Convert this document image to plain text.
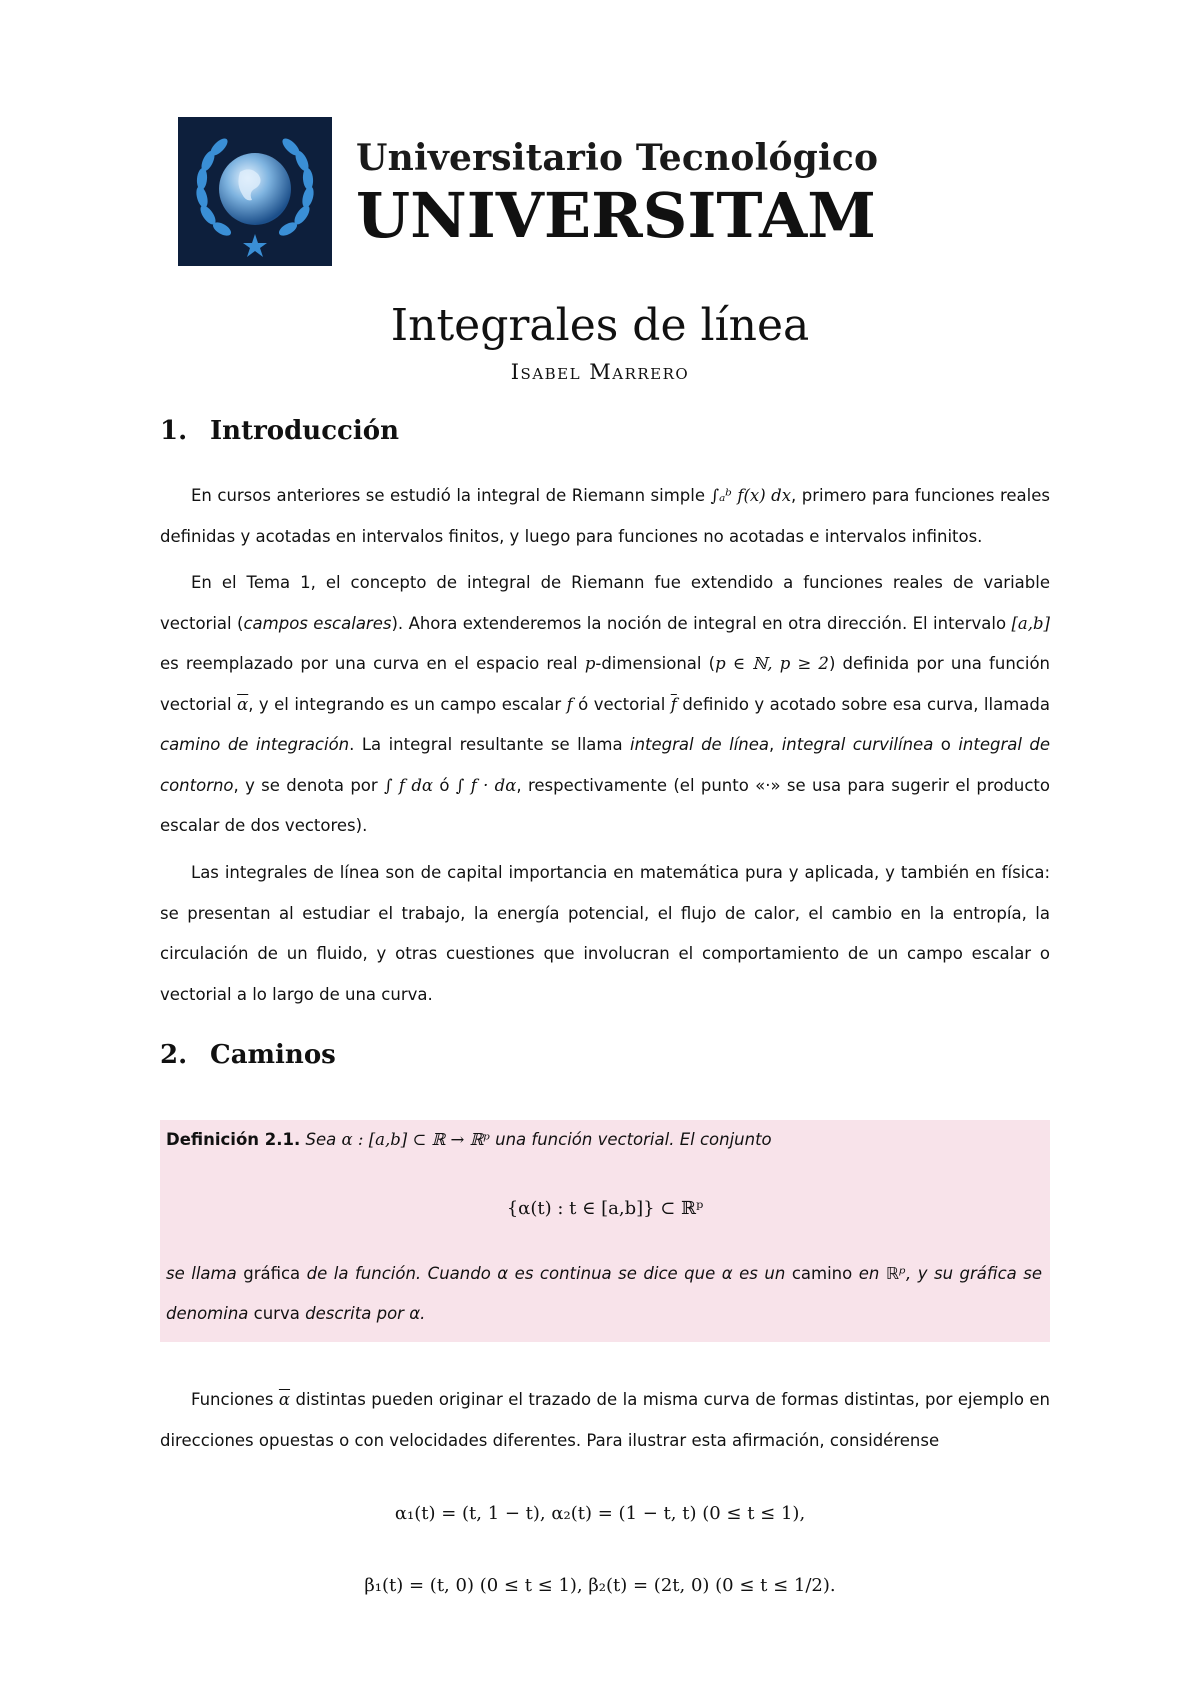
Universitario Tecnológico
UNIVERSITAM
Integrales de línea
Isabel Marrero
1. Introducción
En cursos anteriores se estudió la integral de Riemann simple ∫ₐᵇ f(x) dx, primero para funciones reales definidas y acotadas en intervalos finitos, y luego para funciones no acotadas e intervalos infinitos.
En el Tema 1, el concepto de integral de Riemann fue extendido a funciones reales de variable vectorial (campos escalares). Ahora extenderemos la noción de integral en otra dirección. El intervalo [a,b] es reemplazado por una curva en el espacio real p-dimensional (p ∈ ℕ, p ≥ 2) definida por una función vectorial $\overline{\alpha}$, y el integrando es un campo escalar f ó vectorial $\overline{f}$ definido y acotado sobre esa curva, llamada camino de integración. La integral resultante se llama integral de línea, integral curvilínea o integral de contorno, y se denota por ∫ f dα ó ∫ f · dα, respectivamente (el punto «·» se usa para sugerir el producto escalar de dos vectores).
Las integrales de línea son de capital importancia en matemática pura y aplicada, y también en física: se presentan al estudiar el trabajo, la energía potencial, el flujo de calor, el cambio en la entropía, la circulación de un fluido, y otras cuestiones que involucran el comportamiento de un campo escalar o vectorial a lo largo de una curva.
2. Caminos
Definición 2.1. Sea α : [a,b] ⊂ ℝ → ℝᵖ una función vectorial. El conjunto
{α(t) : t ∈ [a,b]} ⊂ ℝᵖ
se llama gráfica de la función. Cuando α es continua se dice que α es un camino en ℝᵖ, y su gráfica se denomina curva descrita por α.
Funciones $\overline{\alpha}$ distintas pueden originar el trazado de la misma curva de formas distintas, por ejemplo en direcciones opuestas o con velocidades diferentes. Para ilustrar esta afirmación, considérense
α₁(t) = (t, 1 − t), α₂(t) = (1 − t, t) (0 ≤ t ≤ 1),
β₁(t) = (t, 0) (0 ≤ t ≤ 1), β₂(t) = (2t, 0) (0 ≤ t ≤ 1/2).
